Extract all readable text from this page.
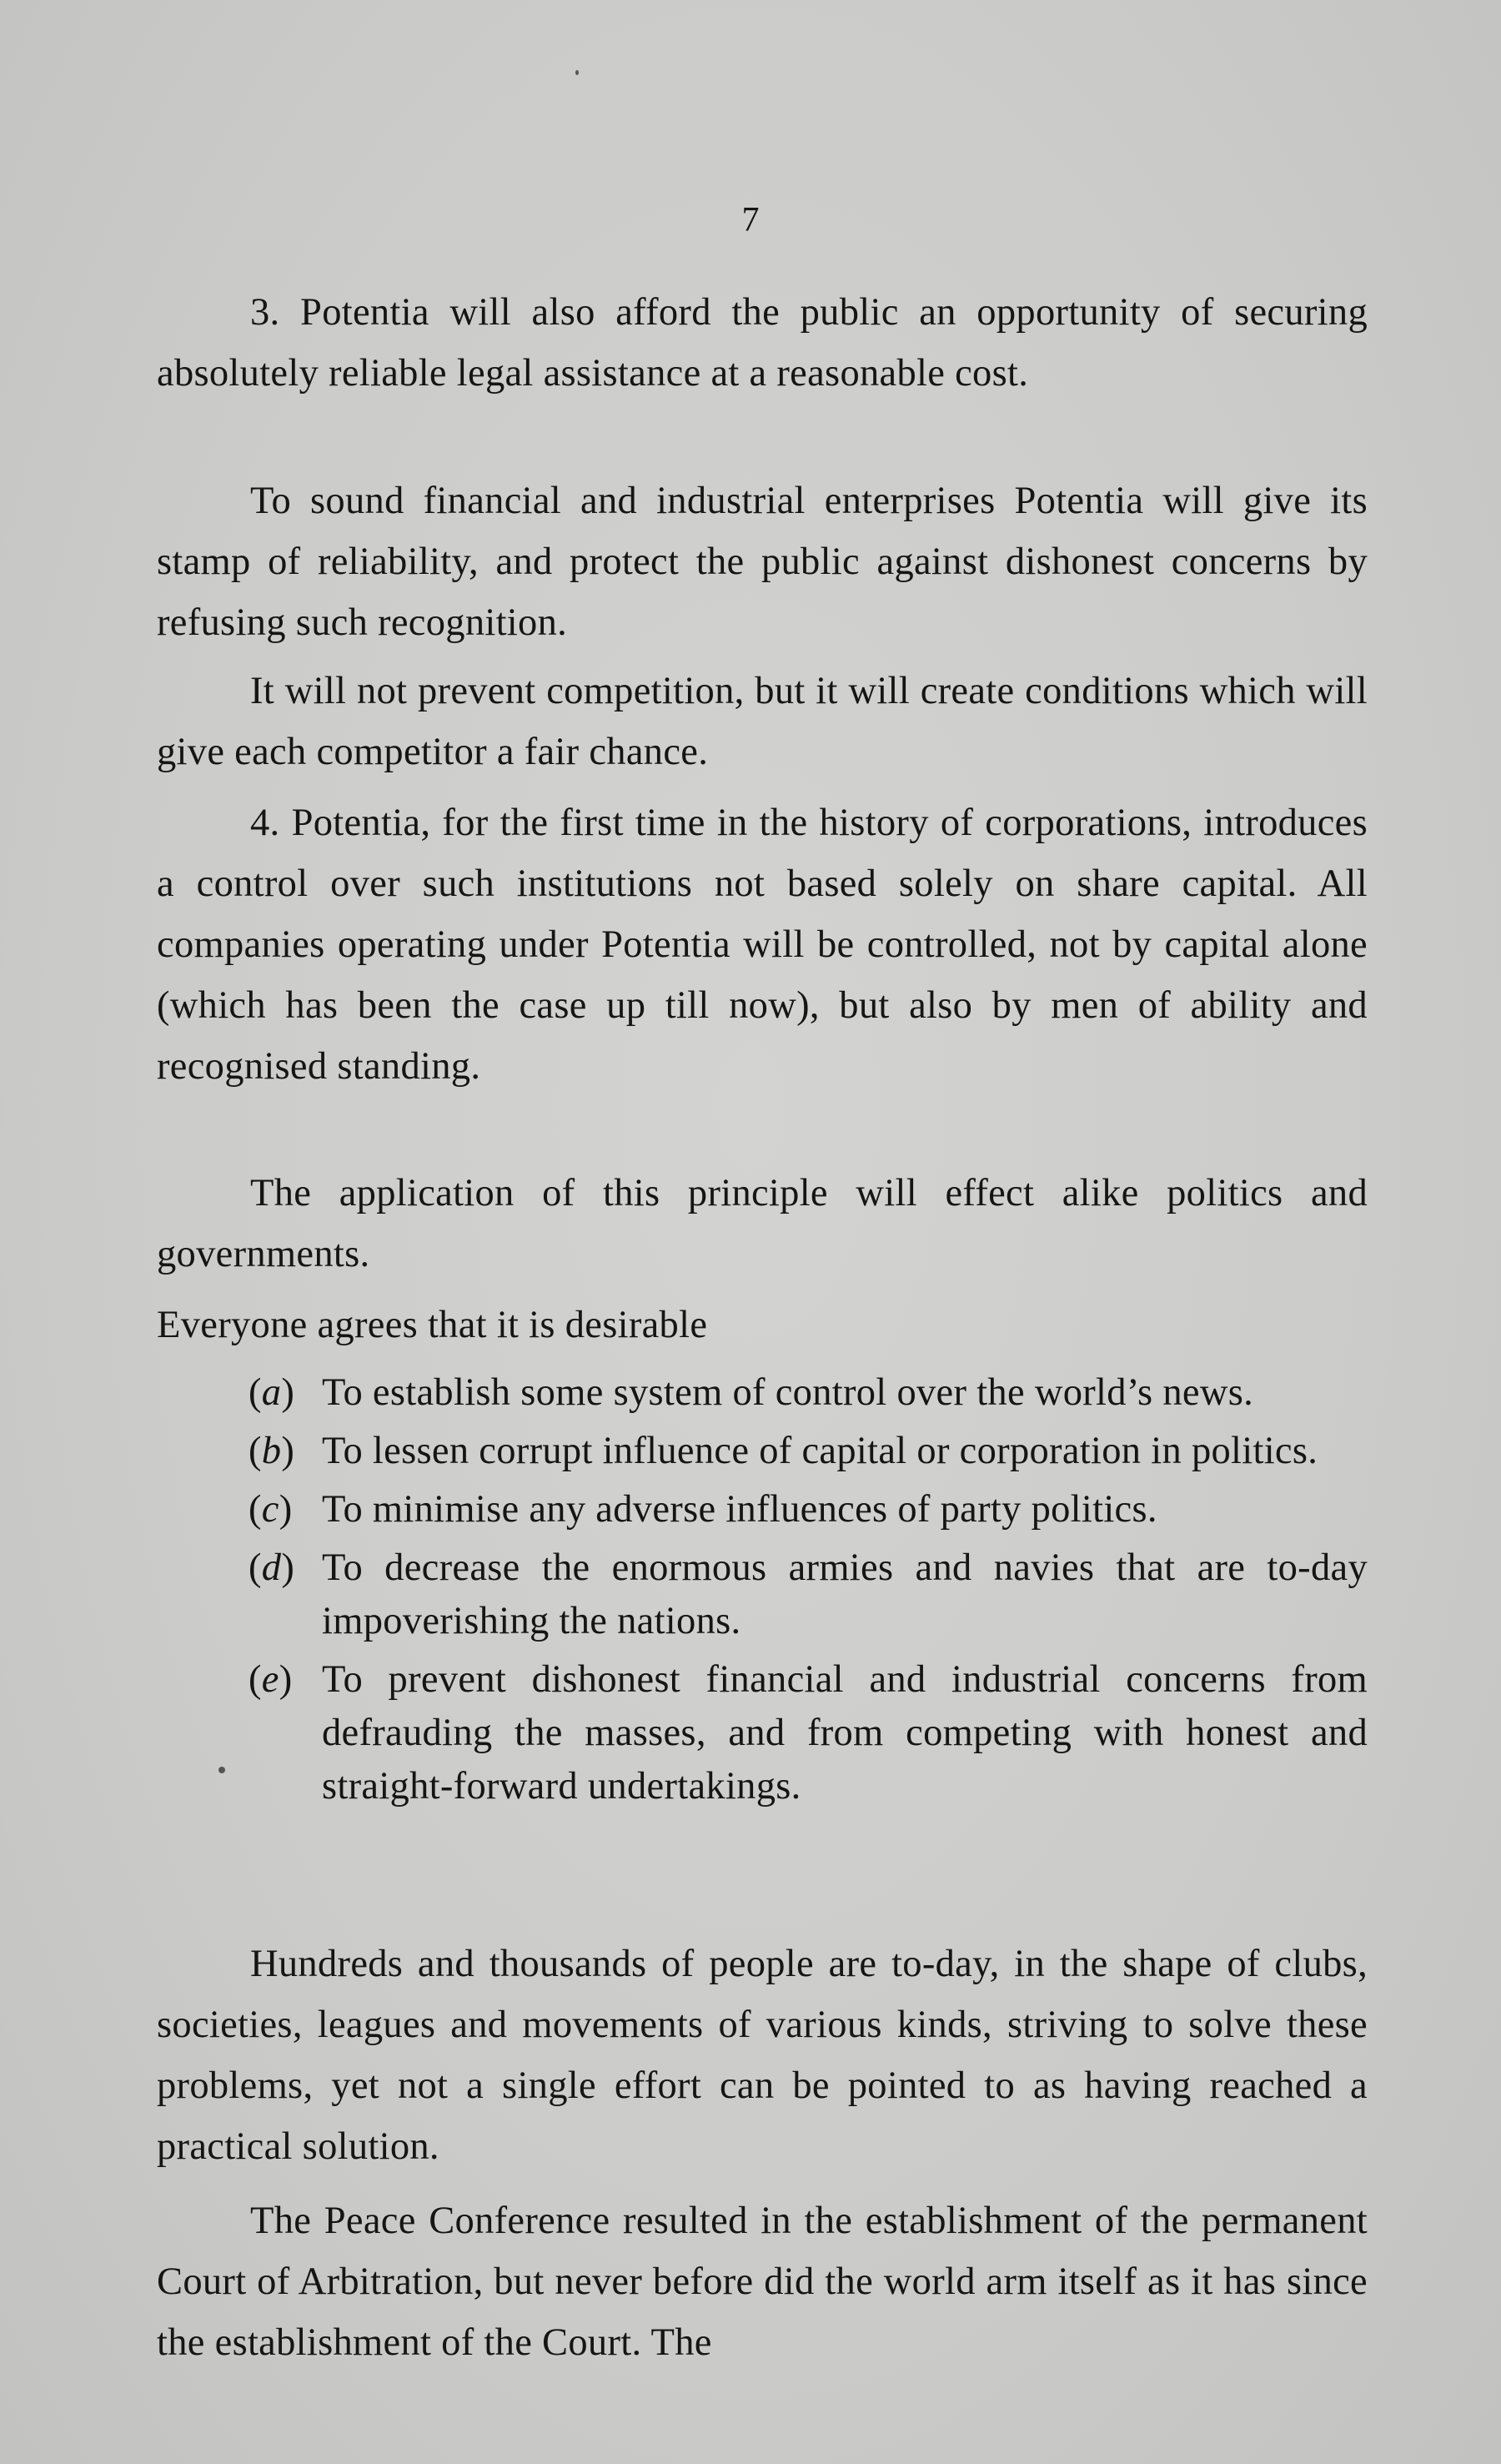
7

3. Potentia will also afford the public an opportunity of securing absolutely reliable legal assistance at a reasonable cost.

To sound financial and industrial enterprises Potentia will give its stamp of reliability, and protect the public against dishonest concerns by refusing such recognition.

It will not prevent competition, but it will create conditions which will give each competitor a fair chance.

4. Potentia, for the first time in the history of corporations, introduces a control over such institutions not based solely on share capital. All companies operating under Potentia will be controlled, not by capital alone (which has been the case up till now), but also by men of ability and recognised standing.

The application of this principle will effect alike politics and governments.

Everyone agrees that it is desirable

(a) To establish some system of control over the world’s news.
(b) To lessen corrupt influence of capital or corporation in politics.
(c) To minimise any adverse influences of party politics.
(d) To decrease the enormous armies and navies that are to-day impoverishing the nations.
(e) To prevent dishonest financial and industrial concerns from defrauding the masses, and from competing with honest and straight-forward undertakings.

Hundreds and thousands of people are to-day, in the shape of clubs, societies, leagues and movements of various kinds, striving to solve these problems, yet not a single effort can be pointed to as having reached a practical solution.

The Peace Conference resulted in the establishment of the permanent Court of Arbitration, but never before did the world arm itself as it has since the establishment of the Court. The
